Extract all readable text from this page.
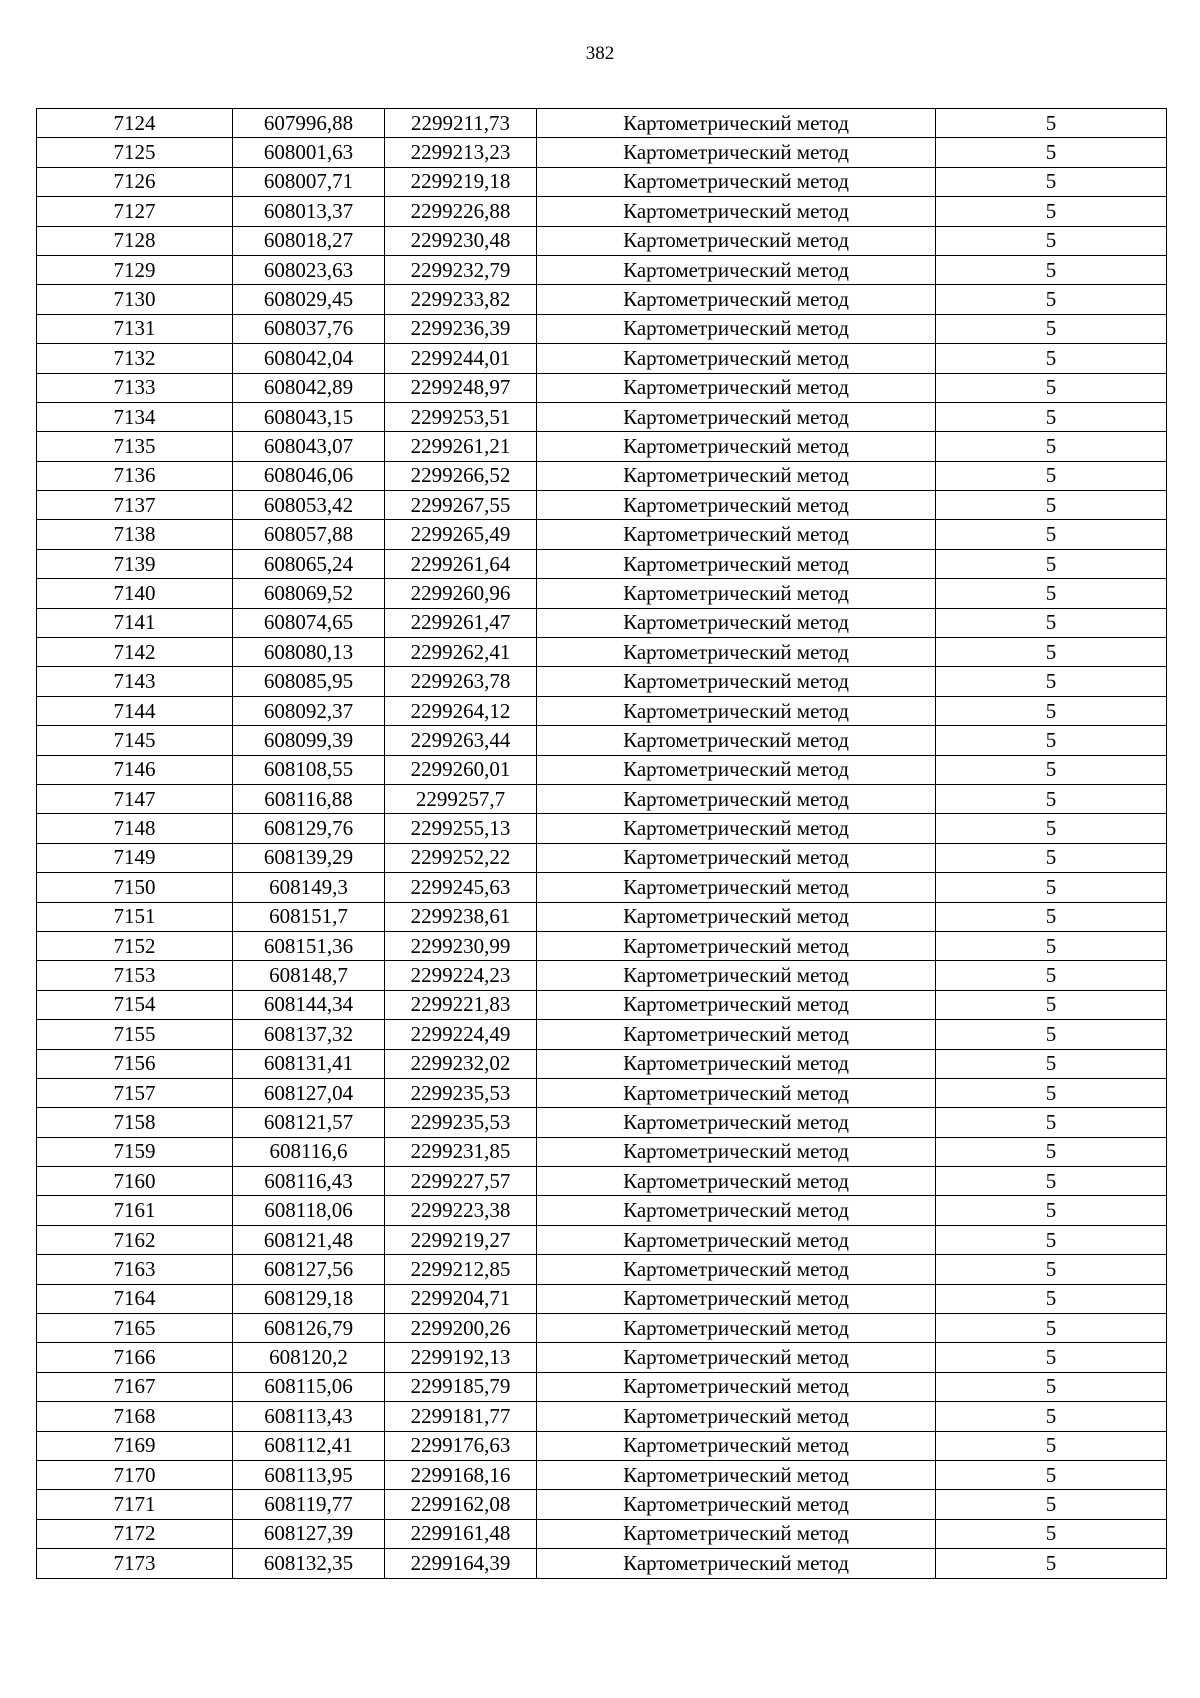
382
7124	607996,88	2299211,73	Картометрический метод	5
7125	608001,63	2299213,23	Картометрический метод	5
7126	608007,71	2299219,18	Картометрический метод	5
7127	608013,37	2299226,88	Картометрический метод	5
7128	608018,27	2299230,48	Картометрический метод	5
7129	608023,63	2299232,79	Картометрический метод	5
7130	608029,45	2299233,82	Картометрический метод	5
7131	608037,76	2299236,39	Картометрический метод	5
7132	608042,04	2299244,01	Картометрический метод	5
7133	608042,89	2299248,97	Картометрический метод	5
7134	608043,15	2299253,51	Картометрический метод	5
7135	608043,07	2299261,21	Картометрический метод	5
7136	608046,06	2299266,52	Картометрический метод	5
7137	608053,42	2299267,55	Картометрический метод	5
7138	608057,88	2299265,49	Картометрический метод	5
7139	608065,24	2299261,64	Картометрический метод	5
7140	608069,52	2299260,96	Картометрический метод	5
7141	608074,65	2299261,47	Картометрический метод	5
7142	608080,13	2299262,41	Картометрический метод	5
7143	608085,95	2299263,78	Картометрический метод	5
7144	608092,37	2299264,12	Картометрический метод	5
7145	608099,39	2299263,44	Картометрический метод	5
7146	608108,55	2299260,01	Картометрический метод	5
7147	608116,88	2299257,7	Картометрический метод	5
7148	608129,76	2299255,13	Картометрический метод	5
7149	608139,29	2299252,22	Картометрический метод	5
7150	608149,3	2299245,63	Картометрический метод	5
7151	608151,7	2299238,61	Картометрический метод	5
7152	608151,36	2299230,99	Картометрический метод	5
7153	608148,7	2299224,23	Картометрический метод	5
7154	608144,34	2299221,83	Картометрический метод	5
7155	608137,32	2299224,49	Картометрический метод	5
7156	608131,41	2299232,02	Картометрический метод	5
7157	608127,04	2299235,53	Картометрический метод	5
7158	608121,57	2299235,53	Картометрический метод	5
7159	608116,6	2299231,85	Картометрический метод	5
7160	608116,43	2299227,57	Картометрический метод	5
7161	608118,06	2299223,38	Картометрический метод	5
7162	608121,48	2299219,27	Картометрический метод	5
7163	608127,56	2299212,85	Картометрический метод	5
7164	608129,18	2299204,71	Картометрический метод	5
7165	608126,79	2299200,26	Картометрический метод	5
7166	608120,2	2299192,13	Картометрический метод	5
7167	608115,06	2299185,79	Картометрический метод	5
7168	608113,43	2299181,77	Картометрический метод	5
7169	608112,41	2299176,63	Картометрический метод	5
7170	608113,95	2299168,16	Картометрический метод	5
7171	608119,77	2299162,08	Картометрический метод	5
7172	608127,39	2299161,48	Картометрический метод	5
7173	608132,35	2299164,39	Картометрический метод	5
